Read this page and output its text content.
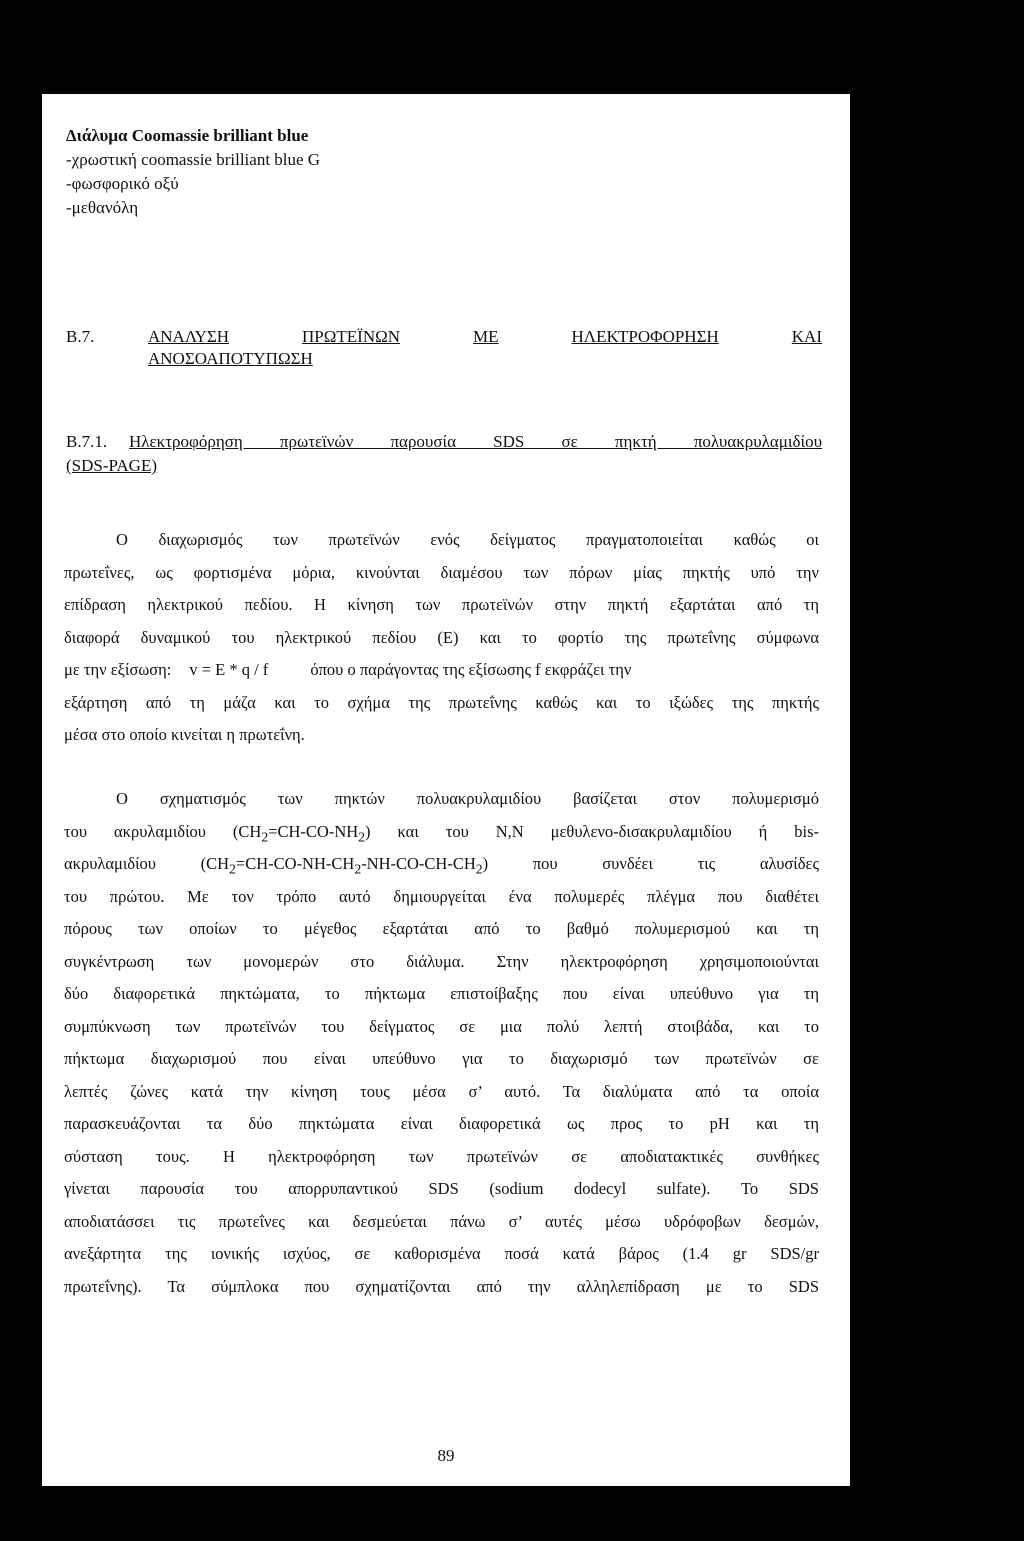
Διάλυμα Coomassie brilliant blue
-χρωστική coomassie brilliant blue G
-φωσφορικό οξύ
-μεθανόλη
Β.7.	ΑΝΑΛΥΣΗ	ΠΡΩΤΕΪΝΩΝ	ΜΕ	ΗΛΕΚΤΡΟΦΟΡΗΣΗ	ΚΑΙ
ΑΝΟΣΟΑΠΟΤΥΠΩΣΗ
Β.7.1. Ηλεκτροφόρηση πρωτεϊνών παρουσία SDS σε πηκτή πολυακρυλαμιδίου
(SDS-PAGE)
Ο διαχωρισμός των πρωτεϊνών ενός δείγματος πραγματοποιείται καθώς οι
πρωτεΐνες, ως φορτισμένα μόρια, κινούνται διαμέσου των πόρων μίας πηκτής υπό την
επίδραση ηλεκτρικού πεδίου. Η κίνηση των πρωτεϊνών στην πηκτή εξαρτάται από τη
διαφορά δυναμικού του ηλεκτρικού πεδίου (Ε) και το φορτίο της πρωτεΐνης σύμφωνα
με την εξίσωση: v = E * q / f	όπου ο παράγοντας της εξίσωσης f εκφράζει την
εξάρτηση από τη μάζα και το σχήμα της πρωτεΐνης καθώς και το ιξώδες της πηκτής
μέσα στο οποίο κινείται η πρωτεΐνη.
Ο σχηματισμός των πηκτών πολυακρυλαμιδίου βασίζεται στον πολυμερισμό
του ακρυλαμιδίου $(CH_2=CH-CO-NH_2)$ και του N,N μεθυλενο-δισακρυλαμιδίου ή bis-
ακρυλαμιδίου $(CH_2=CH-CO-NH-CH_2-NH-CO-CH-CH_2)$ που συνδέει τις αλυσίδες
του πρώτου. Με τον τρόπο αυτό δημιουργείται ένα πολυμερές πλέγμα που διαθέτει
πόρους των οποίων το μέγεθος εξαρτάται από το βαθμό πολυμερισμού και τη
συγκέντρωση των μονομερών στο διάλυμα. Στην ηλεκτροφόρηση χρησιμοποιούνται
δύο διαφορετικά πηκτώματα, το πήκτωμα επιστοίβαξης που είναι υπεύθυνο για τη
συμπύκνωση των πρωτεϊνών του δείγματος σε μια πολύ λεπτή στοιβάδα, και το
πήκτωμα διαχωρισμού που είναι υπεύθυνο για το διαχωρισμό των πρωτεϊνών σε
λεπτές ζώνες κατά την κίνηση τους μέσα σ’ αυτό. Τα διαλύματα από τα οποία
παρασκευάζονται τα δύο πηκτώματα είναι διαφορετικά ως προς το pH και τη
σύσταση τους. Η ηλεκτροφόρηση των πρωτεϊνών σε αποδιατακτικές συνθήκες
γίνεται παρουσία του απορρυπαντικού SDS (sodium dodecyl sulfate). Το SDS
αποδιατάσσει τις πρωτεΐνες και δεσμεύεται πάνω σ’ αυτές μέσω υδρόφοβων δεσμών,
ανεξάρτητα της ιονικής ισχύος, σε καθορισμένα ποσά κατά βάρος (1.4 gr SDS/gr
πρωτεΐνης). Τα σύμπλοκα που σχηματίζονται από την αλληλεπίδραση με το SDS
89
